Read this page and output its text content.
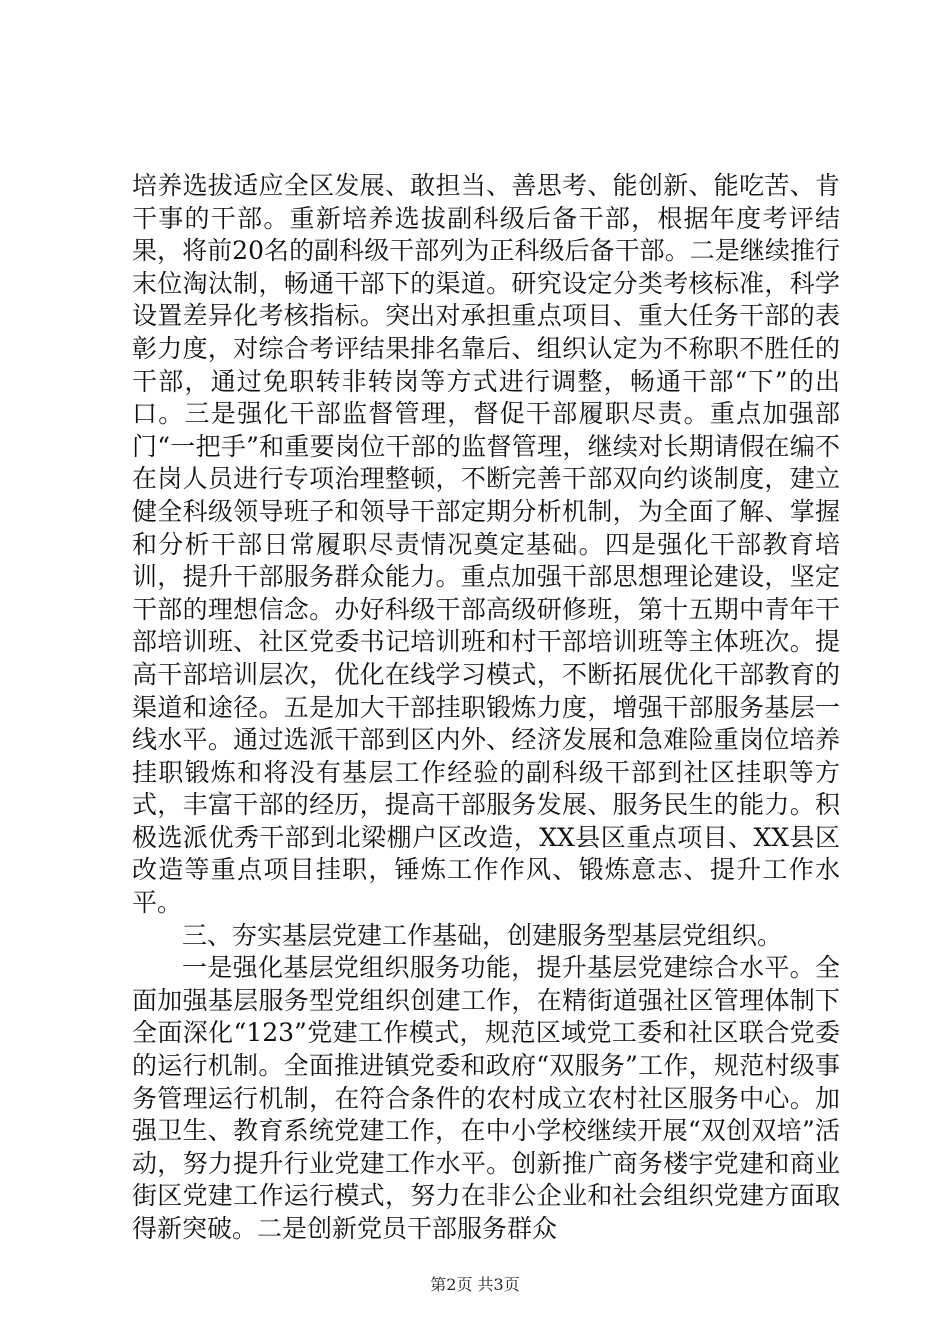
培养选拔适应全区发展、敢担当、善思考、能创新、能吃苦、肯干事的干部。重新培养选拔副科级后备干部，根据年度考评结果，将前20名的副科级干部列为正科级后备干部。二是继续推行末位淘汰制，畅通干部下的渠道。研究设定分类考核标准，科学设置差异化考核指标。突出对承担重点项目、重大任务干部的表彰力度，对综合考评结果排名靠后、组织认定为不称职不胜任的干部，通过免职转非转岗等方式进行调整，畅通干部“下”的出口。三是强化干部监督管理，督促干部履职尽责。重点加强部门“一把手”和重要岗位干部的监督管理，继续对长期请假在编不在岗人员进行专项治理整顿，不断完善干部双向约谈制度，建立健全科级领导班子和领导干部定期分析机制，为全面了解、掌握和分析干部日常履职尽责情况奠定基础。四是强化干部教育培训，提升干部服务群众能力。重点加强干部思想理论建设，坚定干部的理想信念。办好科级干部高级研修班，第十五期中青年干部培训班、社区党委书记培训班和村干部培训班等主体班次。提高干部培训层次，优化在线学习模式，不断拓展优化干部教育的渠道和途径。五是加大干部挂职锻炼力度，增强干部服务基层一线水平。通过选派干部到区内外、经济发展和急难险重岗位培养挂职锻炼和将没有基层工作经验的副科级干部到社区挂职等方式，丰富干部的经历，提高干部服务发展、服务民生的能力。积极选派优秀干部到北梁棚户区改造，XX县区重点项目、XX县区改造等重点项目挂职，锤炼工作作风、锻炼意志、提升工作水平。

三、夯实基层党建工作基础，创建服务型基层党组织。

一是强化基层党组织服务功能，提升基层党建综合水平。全面加强基层服务型党组织创建工作，在精街道强社区管理体制下全面深化“123”党建工作模式，规范区域党工委和社区联合党委的运行机制。全面推进镇党委和政府“双服务”工作，规范村级事务管理运行机制，在符合条件的农村成立农村社区服务中心。加强卫生、教育系统党建工作，在中小学校继续开展“双创双培”活动，努力提升行业党建工作水平。创新推广商务楼宇党建和商业街区党建工作运行模式，努力在非公企业和社会组织党建方面取得新突破。二是创新党员干部服务群众

第2页 共3页
